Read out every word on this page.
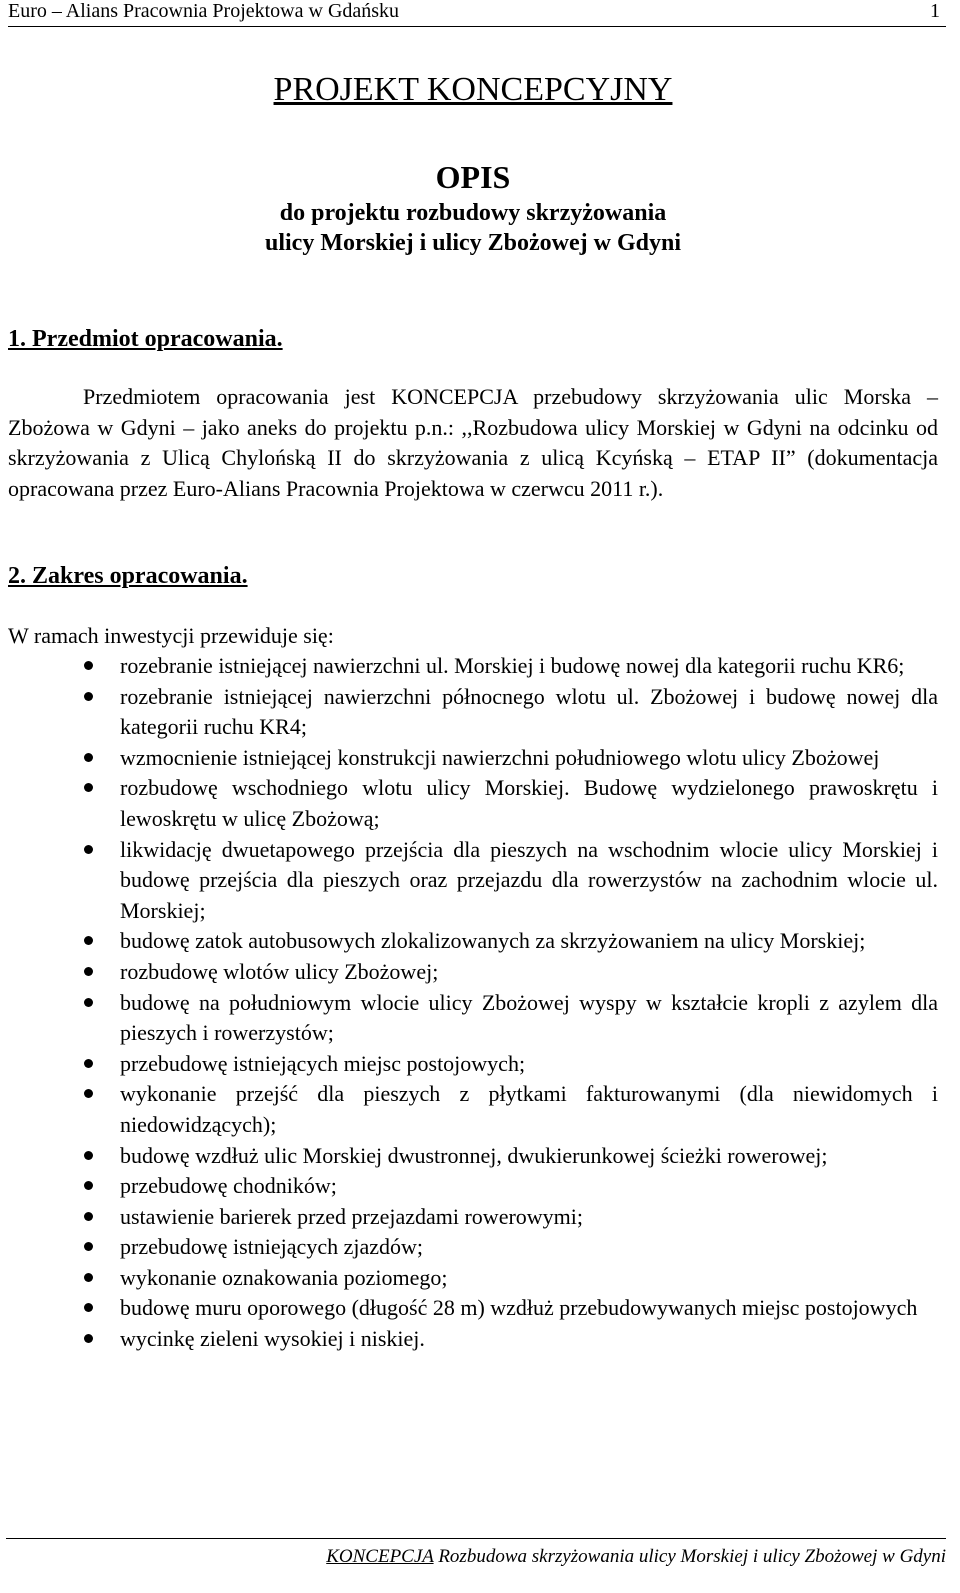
Euro – Alians Pracownia Projektowa w Gdańsku	1
PROJEKT KONCEPCYJNY
OPIS
do projektu rozbudowy skrzyżowania
ulicy Morskiej i ulicy Zbożowej w Gdyni
1. Przedmiot opracowania.
Przedmiotem opracowania jest KONCEPCJA przebudowy skrzyżowania ulic Morska – Zbożowa w Gdyni – jako aneks do projektu p.n.: ,,Rozbudowa ulicy Morskiej w Gdyni na odcinku od skrzyżowania z Ulicą Chylońską II do skrzyżowania z ulicą Kcyńską – ETAP II” (dokumentacja opracowana przez Euro-Alians Pracownia Projektowa w czerwcu 2011 r.).
2. Zakres opracowania.
W ramach inwestycji przewiduje się:
rozebranie istniejącej nawierzchni ul. Morskiej i budowę nowej dla kategorii ruchu KR6;
rozebranie istniejącej nawierzchni północnego wlotu ul. Zbożowej i budowę nowej dla kategorii ruchu KR4;
wzmocnienie istniejącej konstrukcji nawierzchni południowego wlotu ulicy Zbożowej
rozbudowę wschodniego wlotu ulicy Morskiej. Budowę wydzielonego prawoskrętu i lewoskrętu w ulicę Zbożową;
likwidację dwuetapowego przejścia dla pieszych na wschodnim wlocie ulicy Morskiej i budowę przejścia dla pieszych oraz przejazdu dla rowerzystów na zachodnim wlocie ul. Morskiej;
budowę zatok autobusowych zlokalizowanych za skrzyżowaniem na ulicy Morskiej;
rozbudowę wlotów ulicy Zbożowej;
budowę na południowym wlocie ulicy Zbożowej wyspy w kształcie kropli z azylem dla pieszych i rowerzystów;
przebudowę istniejących miejsc postojowych;
wykonanie przejść dla pieszych z płytkami fakturowanymi (dla niewidomych i niedowidzących);
budowę wzdłuż ulic Morskiej dwustronnej, dwukierunkowej ścieżki rowerowej;
przebudowę chodników;
ustawienie barierek przed przejazdami rowerowymi;
przebudowę istniejących zjazdów;
wykonanie oznakowania poziomego;
budowę muru oporowego (długość 28 m) wzdłuż przebudowywanych miejsc postojowych
wycinkę zieleni wysokiej i niskiej.
KONCEPCJA Rozbudowa skrzyżowania ulicy Morskiej i ulicy Zbożowej w Gdyni
